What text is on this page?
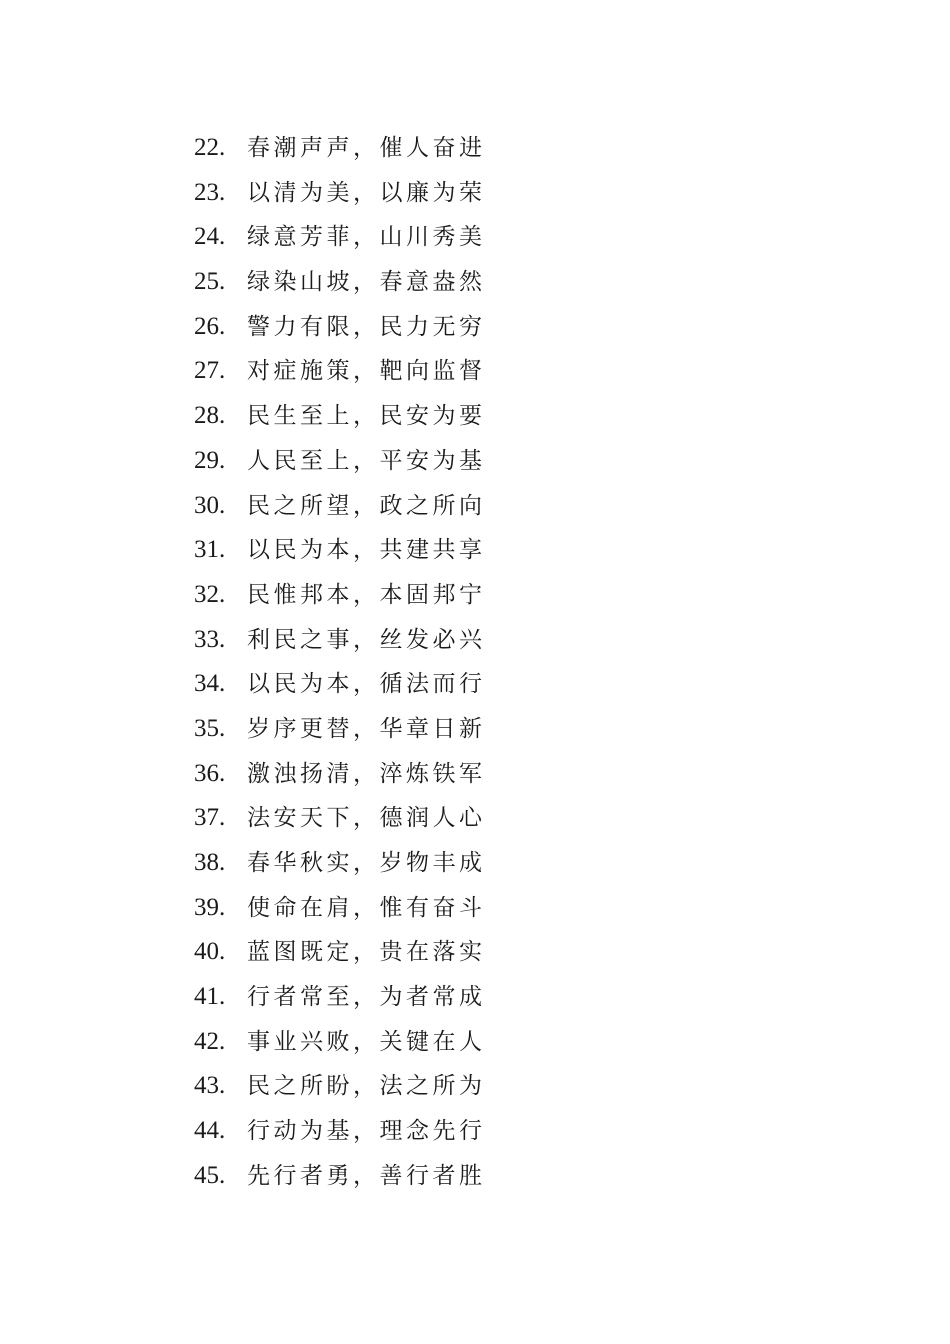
22. 春潮声声，催人奋进
23. 以清为美，以廉为荣
24. 绿意芳菲，山川秀美
25. 绿染山坡，春意盎然
26. 警力有限，民力无穷
27. 对症施策，靶向监督
28. 民生至上，民安为要
29. 人民至上，平安为基
30. 民之所望，政之所向
31. 以民为本，共建共享
32. 民惟邦本，本固邦宁
33. 利民之事，丝发必兴
34. 以民为本，循法而行
35. 岁序更替，华章日新
36. 激浊扬清，淬炼铁军
37. 法安天下，德润人心
38. 春华秋实，岁物丰成
39. 使命在肩，惟有奋斗
40. 蓝图既定，贵在落实
41. 行者常至，为者常成
42. 事业兴败，关键在人
43. 民之所盼，法之所为
44. 行动为基，理念先行
45. 先行者勇，善行者胜
